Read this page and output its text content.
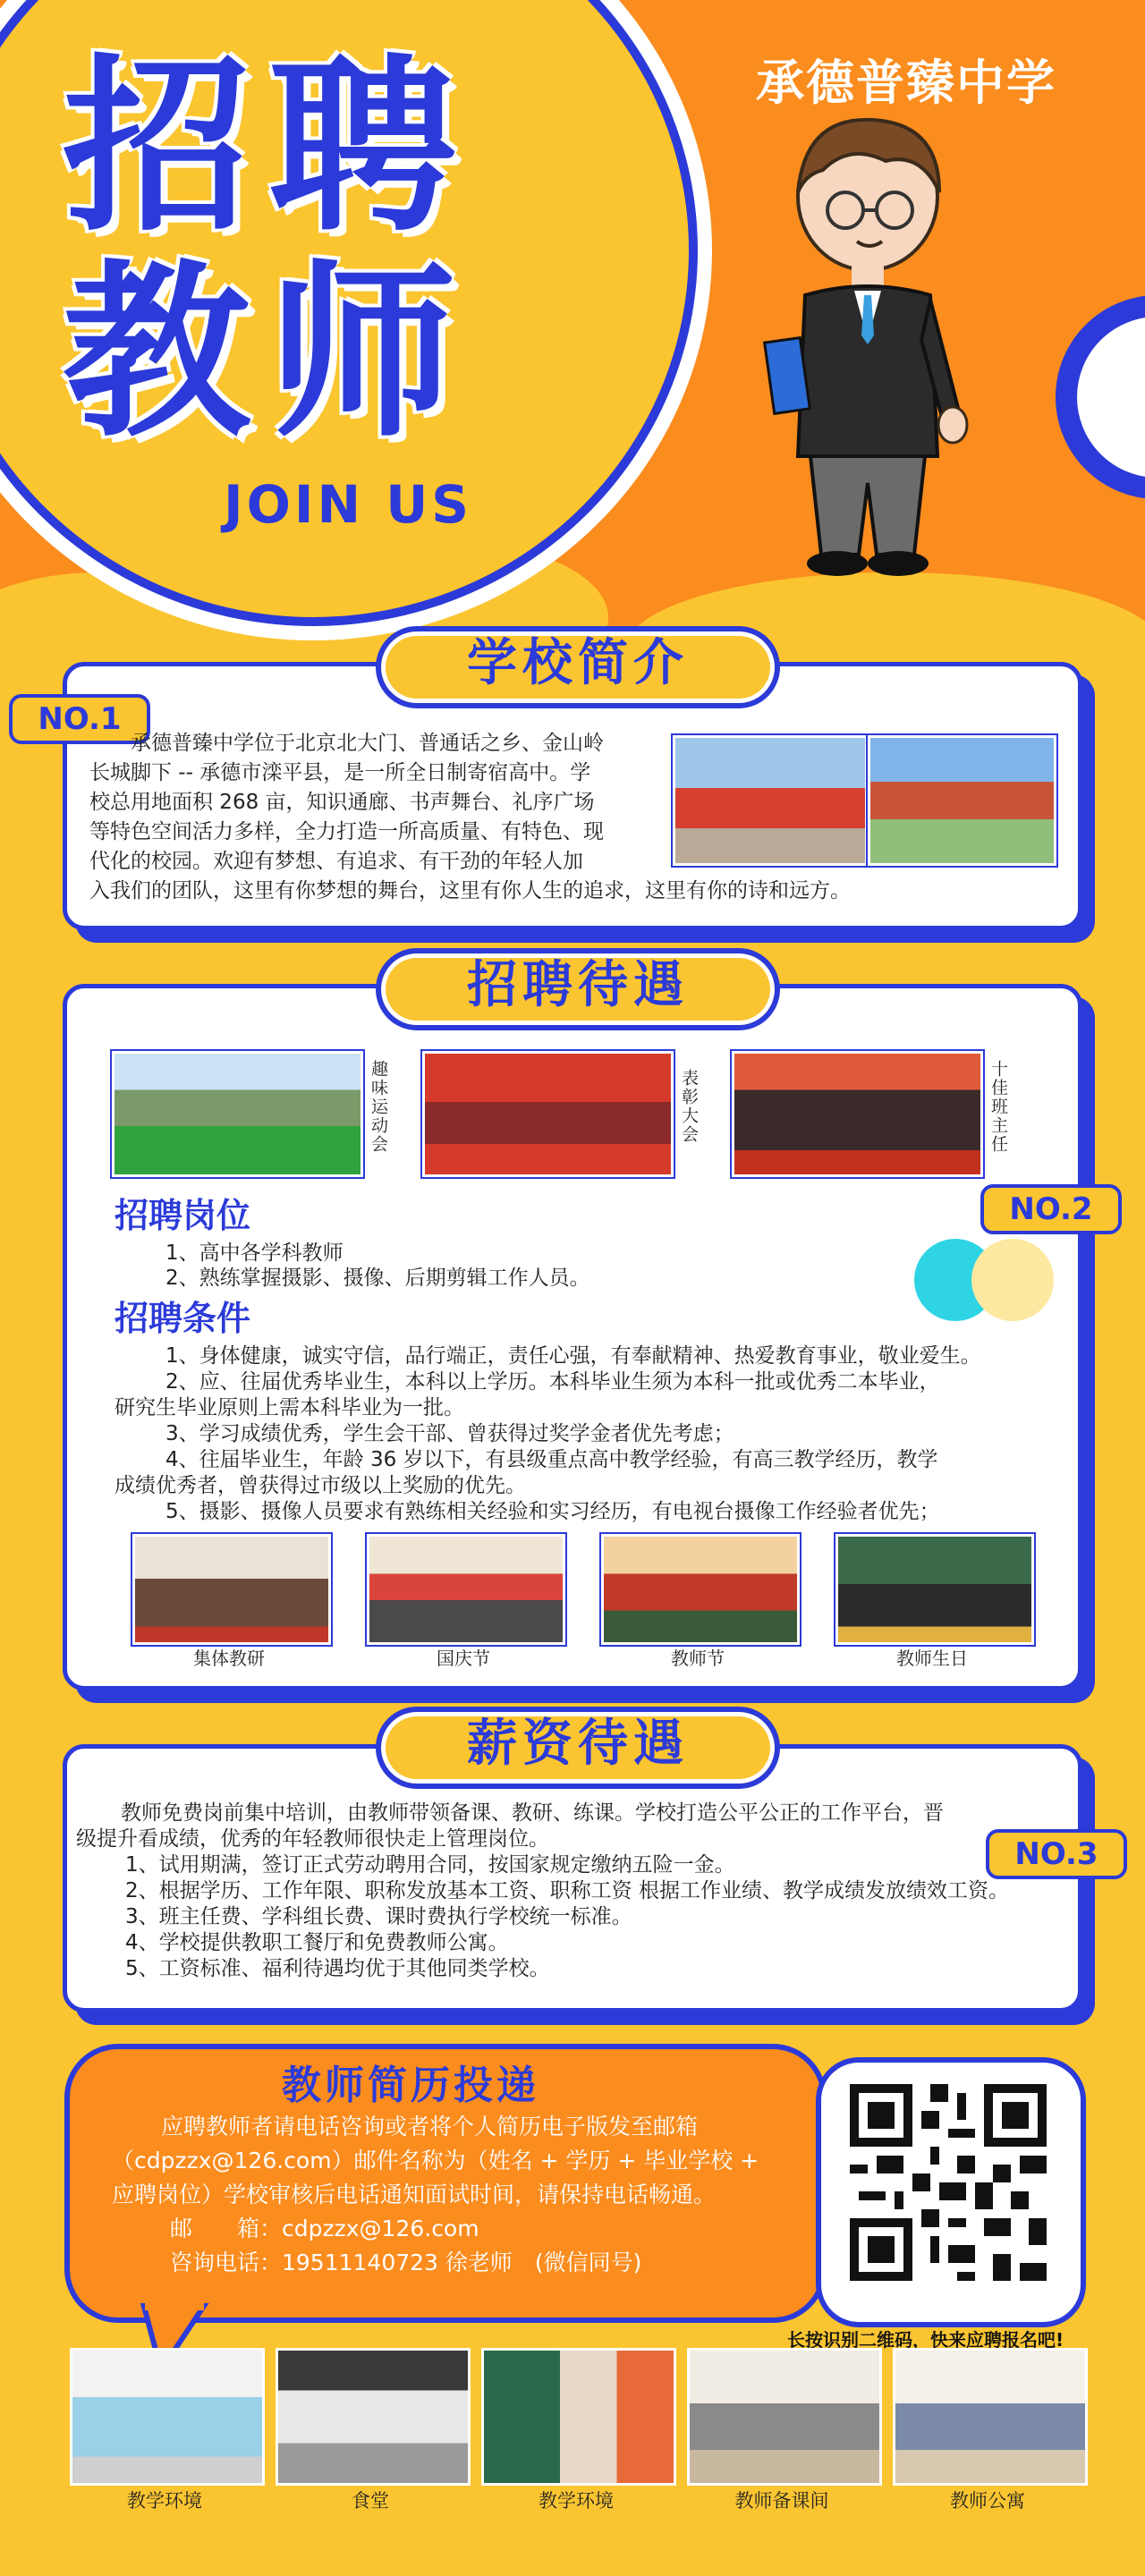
招 聘
教 师
JOIN US
承德普臻中学
学校简介
NO.1
承德普臻中学位于北京北大门、普通话之乡、金山岭
长城脚下 -- 承德市滦平县，是一所全日制寄宿高中。学
校总用地面积 268 亩，知识通廊、书声舞台、礼序广场
等特色空间活力多样，全力打造一所高质量、有特色、现
代化的校园。欢迎有梦想、有追求、有干劲的年轻人加
入我们的团队，这里有你梦想的舞台，这里有你人生的追求，这里有你的诗和远方。
招聘待遇
趣味运动会	表彰大会	十佳班主任
NO.2
招聘岗位
1、高中各学科教师
2、熟练掌握摄影、摄像、后期剪辑工作人员。
招聘条件
1、身体健康，诚实守信，品行端正，责任心强，有奉献精神、热爱教育事业，敬业爱生。
2、应、往届优秀毕业生，本科以上学历。本科毕业生须为本科一批或优秀二本毕业，
研究生毕业原则上需本科毕业为一批。
3、学习成绩优秀，学生会干部、曾获得过奖学金者优先考虑；
4、往届毕业生，年龄 36 岁以下，有县级重点高中教学经验，有高三教学经历，教学
成绩优秀者，曾获得过市级以上奖励的优先。
5、摄影、摄像人员要求有熟练相关经验和实习经历，有电视台摄像工作经验者优先；
集体教研	国庆节	教师节	教师生日
薪资待遇
NO.3
教师免费岗前集中培训，由教师带领备课、教研、练课。学校打造公平公正的工作平台，晋
级提升看成绩，优秀的年轻教师很快走上管理岗位。
1、试用期满，签订正式劳动聘用合同，按国家规定缴纳五险一金。
2、根据学历、工作年限、职称发放基本工资、职称工资 根据工作业绩、教学成绩发放绩效工资。
3、班主任费、学科组长费、课时费执行学校统一标准。
4、学校提供教职工餐厅和免费教师公寓。
5、工资标准、福利待遇均优于其他同类学校。
教师简历投递
应聘教师者请电话咨询或者将个人简历电子版发至邮箱
（cdpzzx@126.com）邮件名称为（姓名 + 学历 + 毕业学校 +
应聘岗位）学校审核后电话通知面试时间，请保持电话畅通。
邮　　箱：cdpzzx@126.com
咨询电话：19511140723 徐老师　(微信同号)
长按识别二维码，快来应聘报名吧!
教学环境	食堂	教学环境	教师备课间	教师公寓
